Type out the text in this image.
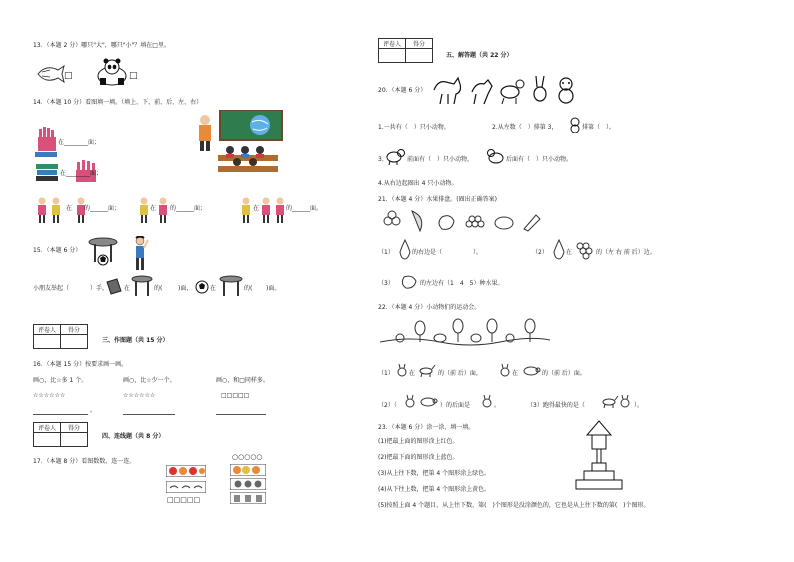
13．（本题 2 分）哪只"大"，哪只"小"？填在□里。
□	□
14．（本题 10 分）看图填一填。（填上、下、前、后、左、右）
在________面；
在________面；
在 的______面；	在 的______面；	在	的______面。
15．（本题 6 分）
小朋友举起（	）手，	在	的(	)面，	在	的( )面。
评卷人	得分

三、作图题（共 15 分）
16．（本题 15 分）按要求画一画。
画○，比☆多 1 个。	画○，比☆少一个。	画○，和□同样多。
☆☆☆☆☆☆	☆☆☆☆☆☆	□□□□□
。
评卷人	得分

四、连线题（共 8 分）
17．（本题 8 分）看图数数，连一连。
□□□□□
○○○○○
评卷人	得分

五、解答题（共 22 分）
20．（本题 6 分）
1.一共有（　）只小动物。	2.从左数（　）排第 3，	排第（　）。
3.	前面有（　）只小动物，	后面有（　）只小动物。
4.从右边起圈出 4 只小动物。
21．（本题 4 分）水果排盘。(圈出正确答案)
（1）	的右边是（	）。	（2）	在	的（左 右 前 后）边。
（3）	的左边有（1　4　5）种水果。
22．（本题 4 分）小动物们的运动会。
（1）	在	的（前 后）面，	在	的（前 后）面。
（2）（	）的后面是	。	（3）跑得最快的是（	）。
23．（本题 6 分）涂一涂，填一填。
(1)把最上面的图形涂上红色。
(2)把最下面的图形涂上蓝色。
(3)从上往下数，把第 4 个图形涂上绿色。
(4)从下往上数，把第 4 个图形涂上黄色。
(5)按照上面 4 个题目，从上往下数，第(　)个图形是没涂颜色的，它也是从上往下数的第(　)个图形。
